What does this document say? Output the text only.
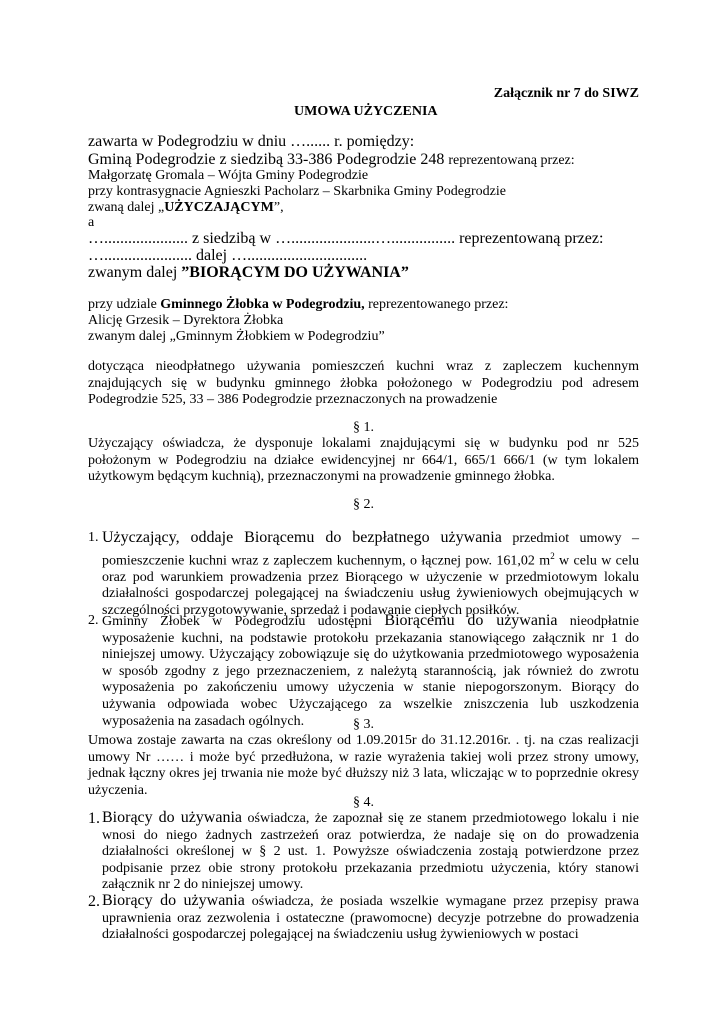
Załącznik nr 7 do SIWZ
UMOWA UŻYCZENIA
zawarta w Podegrodziu w dniu …...... r. pomiędzy:
Gminą Podegrodzie z siedzibą 33-386 Podegrodzie 248 reprezentowaną przez:
Małgorzatę Gromala – Wójta Gminy Podegrodzie
przy kontrasygnacie Agnieszki Pacholarz – Skarbnika Gminy Podegrodzie
zwaną dalej „UŻYCZAJĄCYM”,
a
…..................... z siedzibą w ….....................…................ reprezentowaną przez:
…...................... dalej …..............................
zwanym dalej ”BIORĄCYM DO UŻYWANIA”
przy udziale Gminnego Żłobka w Podegrodziu, reprezentowanego przez:
Alicję Grzesik – Dyrektora Żłobka
zwanym dalej „Gminnym Żłobkiem w Podegrodziu”
dotycząca nieodpłatnego używania pomieszczeń kuchni wraz z zapleczem kuchennym znajdujących się w budynku gminnego żłobka położonego w Podegrodziu pod adresem Podegrodzie 525, 33 – 386 Podegrodzie przeznaczonych na prowadzenie
§ 1.
Użyczający oświadcza, że dysponuje lokalami znajdującymi się w budynku pod nr 525 położonym w Podegrodziu na działce ewidencyjnej nr 664/1, 665/1 666/1 (w tym lokalem użytkowym będącym kuchnią), przeznaczonymi na prowadzenie gminnego żłobka.
§ 2.
1. Użyczający, oddaje Biorącemu do bezpłatnego używania przedmiot umowy – pomieszczenie kuchni wraz z zapleczem kuchennym, o łącznej pow. 161,02 $m^2$ w celu w celu oraz pod warunkiem prowadzenia przez Biorącego w użyczenie w przedmiotowym lokalu działalności gospodarczej polegającej na świadczeniu usług żywieniowych obejmujących w szczególności przygotowywanie, sprzedaż i podawanie ciepłych posiłków.
2. Gminny Żłobek w Podegrodziu udostępni Biorącemu do używania nieodpłatnie wyposażenie kuchni, na podstawie protokołu przekazania stanowiącego załącznik nr 1 do niniejszej umowy. Użyczający zobowiązuje się do użytkowania przedmiotowego wyposażenia w sposób zgodny z jego przeznaczeniem, z należytą starannością, jak również do zwrotu wyposażenia po zakończeniu umowy użyczenia w stanie niepogorszonym. Biorący do używania odpowiada wobec Użyczającego za wszelkie zniszczenia lub uszkodzenia wyposażenia na zasadach ogólnych.	§ 3.
Umowa zostaje zawarta na czas określony od 1.09.2015r do 31.12.2016r. . tj. na czas realizacji umowy Nr …… i może być przedłużona, w razie wyrażenia takiej woli przez strony umowy, jednak łączny okres jej trwania nie może być dłuższy niż 3 lata, wliczając w to poprzednie okresy użyczenia.
§ 4.
1. Biorący do używania oświadcza, że zapoznał się ze stanem przedmiotowego lokalu i nie wnosi do niego żadnych zastrzeżeń oraz potwierdza, że nadaje się on do prowadzenia działalności określonej w § 2 ust. 1. Powyższe oświadczenia zostają potwierdzone przez podpisanie przez obie strony protokołu przekazania przedmiotu użyczenia, który stanowi załącznik nr 2 do niniejszej umowy.
2. Biorący do używania oświadcza, że posiada wszelkie wymagane przez przepisy prawa uprawnienia oraz zezwolenia i ostateczne (prawomocne) decyzje potrzebne do prowadzenia działalności gospodarczej polegającej na świadczeniu usług żywieniowych w postaci
